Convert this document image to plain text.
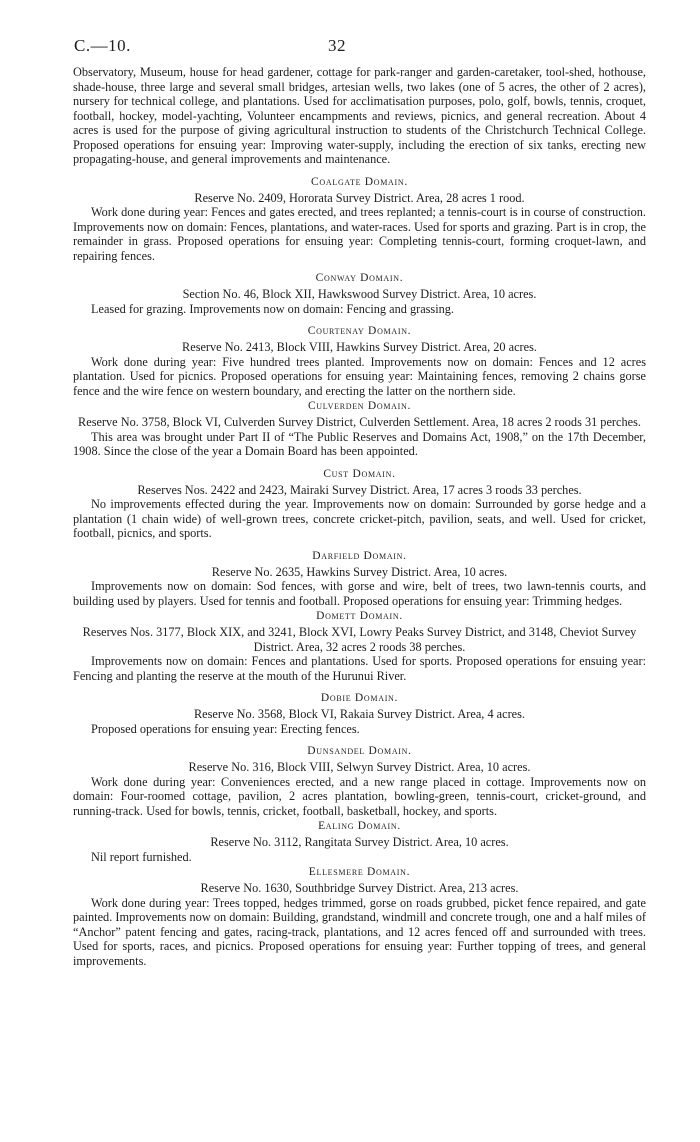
C.—10.	32

Observatory, Museum, house for head gardener, cottage for park-ranger and garden-caretaker, tool-shed, hothouse, shade-house, three large and several small bridges, artesian wells, two lakes (one of 5 acres, the other of 2 acres), nursery for technical college, and plantations. Used for acclimatisation purposes, polo, golf, bowls, tennis, croquet, football, hockey, model-yachting, Volunteer encampments and reviews, picnics, and general recreation. About 4 acres is used for the purpose of giving agricultural instruction to students of the Christchurch Technical College. Proposed operations for ensuing year: Improving water-supply, including the erection of six tanks, erecting new propagating-house, and general improvements and maintenance.

Coalgate Domain.

Reserve No. 2409, Hororata Survey District. Area, 28 acres 1 rood.

Work done during year: Fences and gates erected, and trees replanted; a tennis-court is in course of construction. Improvements now on domain: Fences, plantations, and water-races. Used for sports and grazing. Part is in crop, the remainder in grass. Proposed operations for ensuing year: Completing tennis-court, forming croquet-lawn, and repairing fences.

Conway Domain.

Section No. 46, Block XII, Hawkswood Survey District. Area, 10 acres.

Leased for grazing. Improvements now on domain: Fencing and grassing.

Courtenay Domain.

Reserve No. 2413, Block VIII, Hawkins Survey District. Area, 20 acres.

Work done during year: Five hundred trees planted. Improvements now on domain: Fences and 12 acres plantation. Used for picnics. Proposed operations for ensuing year: Maintaining fences, removing 2 chains gorse fence and the wire fence on western boundary, and erecting the latter on the northern side.

Culverden Domain.

Reserve No. 3758, Block VI, Culverden Survey District, Culverden Settlement. Area, 18 acres 2 roods 31 perches.

This area was brought under Part II of “The Public Reserves and Domains Act, 1908,” on the 17th December, 1908. Since the close of the year a Domain Board has been appointed.

Cust Domain.

Reserves Nos. 2422 and 2423, Mairaki Survey District. Area, 17 acres 3 roods 33 perches.

No improvements effected during the year. Improvements now on domain: Surrounded by gorse hedge and a plantation (1 chain wide) of well-grown trees, concrete cricket-pitch, pavilion, seats, and well. Used for cricket, football, picnics, and sports.

Darfield Domain.

Reserve No. 2635, Hawkins Survey District. Area, 10 acres.

Improvements now on domain: Sod fences, with gorse and wire, belt of trees, two lawn-tennis courts, and building used by players. Used for tennis and football. Proposed operations for ensuing year: Trimming hedges.

Domett Domain.

Reserves Nos. 3177, Block XIX, and 3241, Block XVI, Lowry Peaks Survey District, and 3148, Cheviot Survey District. Area, 32 acres 2 roods 38 perches.

Improvements now on domain: Fences and plantations. Used for sports. Proposed operations for ensuing year: Fencing and planting the reserve at the mouth of the Hurunui River.

Dobie Domain.

Reserve No. 3568, Block VI, Rakaia Survey District. Area, 4 acres.

Proposed operations for ensuing year: Erecting fences.

Dunsandel Domain.

Reserve No. 316, Block VIII, Selwyn Survey District. Area, 10 acres.

Work done during year: Conveniences erected, and a new range placed in cottage. Improvements now on domain: Four-roomed cottage, pavilion, 2 acres plantation, bowling-green, tennis-court, cricket-ground, and running-track. Used for bowls, tennis, cricket, football, basketball, hockey, and sports.

Ealing Domain.

Reserve No. 3112, Rangitata Survey District. Area, 10 acres.

Nil report furnished.

Ellesmere Domain.

Reserve No. 1630, Southbridge Survey District. Area, 213 acres.

Work done during year: Trees topped, hedges trimmed, gorse on roads grubbed, picket fence repaired, and gate painted. Improvements now on domain: Building, grandstand, windmill and concrete trough, one and a half miles of “Anchor” patent fencing and gates, racing-track, plantations, and 12 acres fenced off and surrounded with trees. Used for sports, races, and picnics. Proposed operations for ensuing year: Further topping of trees, and general improvements.
